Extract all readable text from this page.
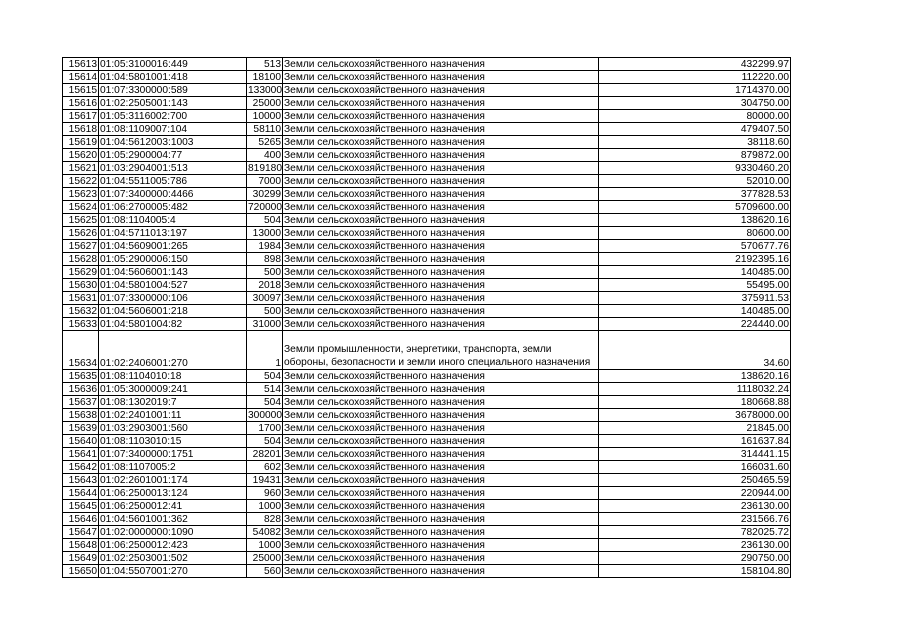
15613	01:05:3100016:449	513	Земли сельскохозяйственного назначения	432299.97
15614	01:04:5801001:418	18100	Земли сельскохозяйственного назначения	112220.00
15615	01:07:3300000:589	133000	Земли сельскохозяйственного назначения	1714370.00
15616	01:02:2505001:143	25000	Земли сельскохозяйственного назначения	304750.00
15617	01:05:3116002:700	10000	Земли сельскохозяйственного назначения	80000.00
15618	01:08:1109007:104	58110	Земли сельскохозяйственного назначения	479407.50
15619	01:04:5612003:1003	5265	Земли сельскохозяйственного назначения	38118.60
15620	01:05:2900004:77	400	Земли сельскохозяйственного назначения	879872.00
15621	01:03:2904001:513	819180	Земли сельскохозяйственного назначения	9330460.20
15622	01:04:5511005:786	7000	Земли сельскохозяйственного назначения	52010.00
15623	01:07:3400000:4466	30299	Земли сельскохозяйственного назначения	377828.53
15624	01:06:2700005:482	720000	Земли сельскохозяйственного назначения	5709600.00
15625	01:08:1104005:4	504	Земли сельскохозяйственного назначения	138620.16
15626	01:04:5711013:197	13000	Земли сельскохозяйственного назначения	80600.00
15627	01:04:5609001:265	1984	Земли сельскохозяйственного назначения	570677.76
15628	01:05:2900006:150	898	Земли сельскохозяйственного назначения	2192395.16
15629	01:04:5606001:143	500	Земли сельскохозяйственного назначения	140485.00
15630	01:04:5801004:527	2018	Земли сельскохозяйственного назначения	55495.00
15631	01:07:3300000:106	30097	Земли сельскохозяйственного назначения	375911.53
15632	01:04:5606001:218	500	Земли сельскохозяйственного назначения	140485.00
15633	01:04:5801004:82	31000	Земли сельскохозяйственного назначения	224440.00
15634	01:02:2406001:270	1	Земли промышленности, энергетики, транспорта, земли обороны, безопасности и земли иного специального назначения	34.60
15635	01:08:1104010:18	504	Земли сельскохозяйственного назначения	138620.16
15636	01:05:3000009:241	514	Земли сельскохозяйственного назначения	1118032.24
15637	01:08:1302019:7	504	Земли сельскохозяйственного назначения	180668.88
15638	01:02:2401001:11	300000	Земли сельскохозяйственного назначения	3678000.00
15639	01:03:2903001:560	1700	Земли сельскохозяйственного назначения	21845.00
15640	01:08:1103010:15	504	Земли сельскохозяйственного назначения	161637.84
15641	01:07:3400000:1751	28201	Земли сельскохозяйственного назначения	314441.15
15642	01:08:1107005:2	602	Земли сельскохозяйственного назначения	166031.60
15643	01:02:2601001:174	19431	Земли сельскохозяйственного назначения	250465.59
15644	01:06:2500013:124	960	Земли сельскохозяйственного назначения	220944.00
15645	01:06:2500012:41	1000	Земли сельскохозяйственного назначения	236130.00
15646	01:04:5601001:362	828	Земли сельскохозяйственного назначения	231566.76
15647	01:02:0000000:1090	54082	Земли сельскохозяйственного назначения	782025.72
15648	01:06:2500012:423	1000	Земли сельскохозяйственного назначения	236130.00
15649	01:02:2503001:502	25000	Земли сельскохозяйственного назначения	290750.00
15650	01:04:5507001:270	560	Земли сельскохозяйственного назначения	158104.80
